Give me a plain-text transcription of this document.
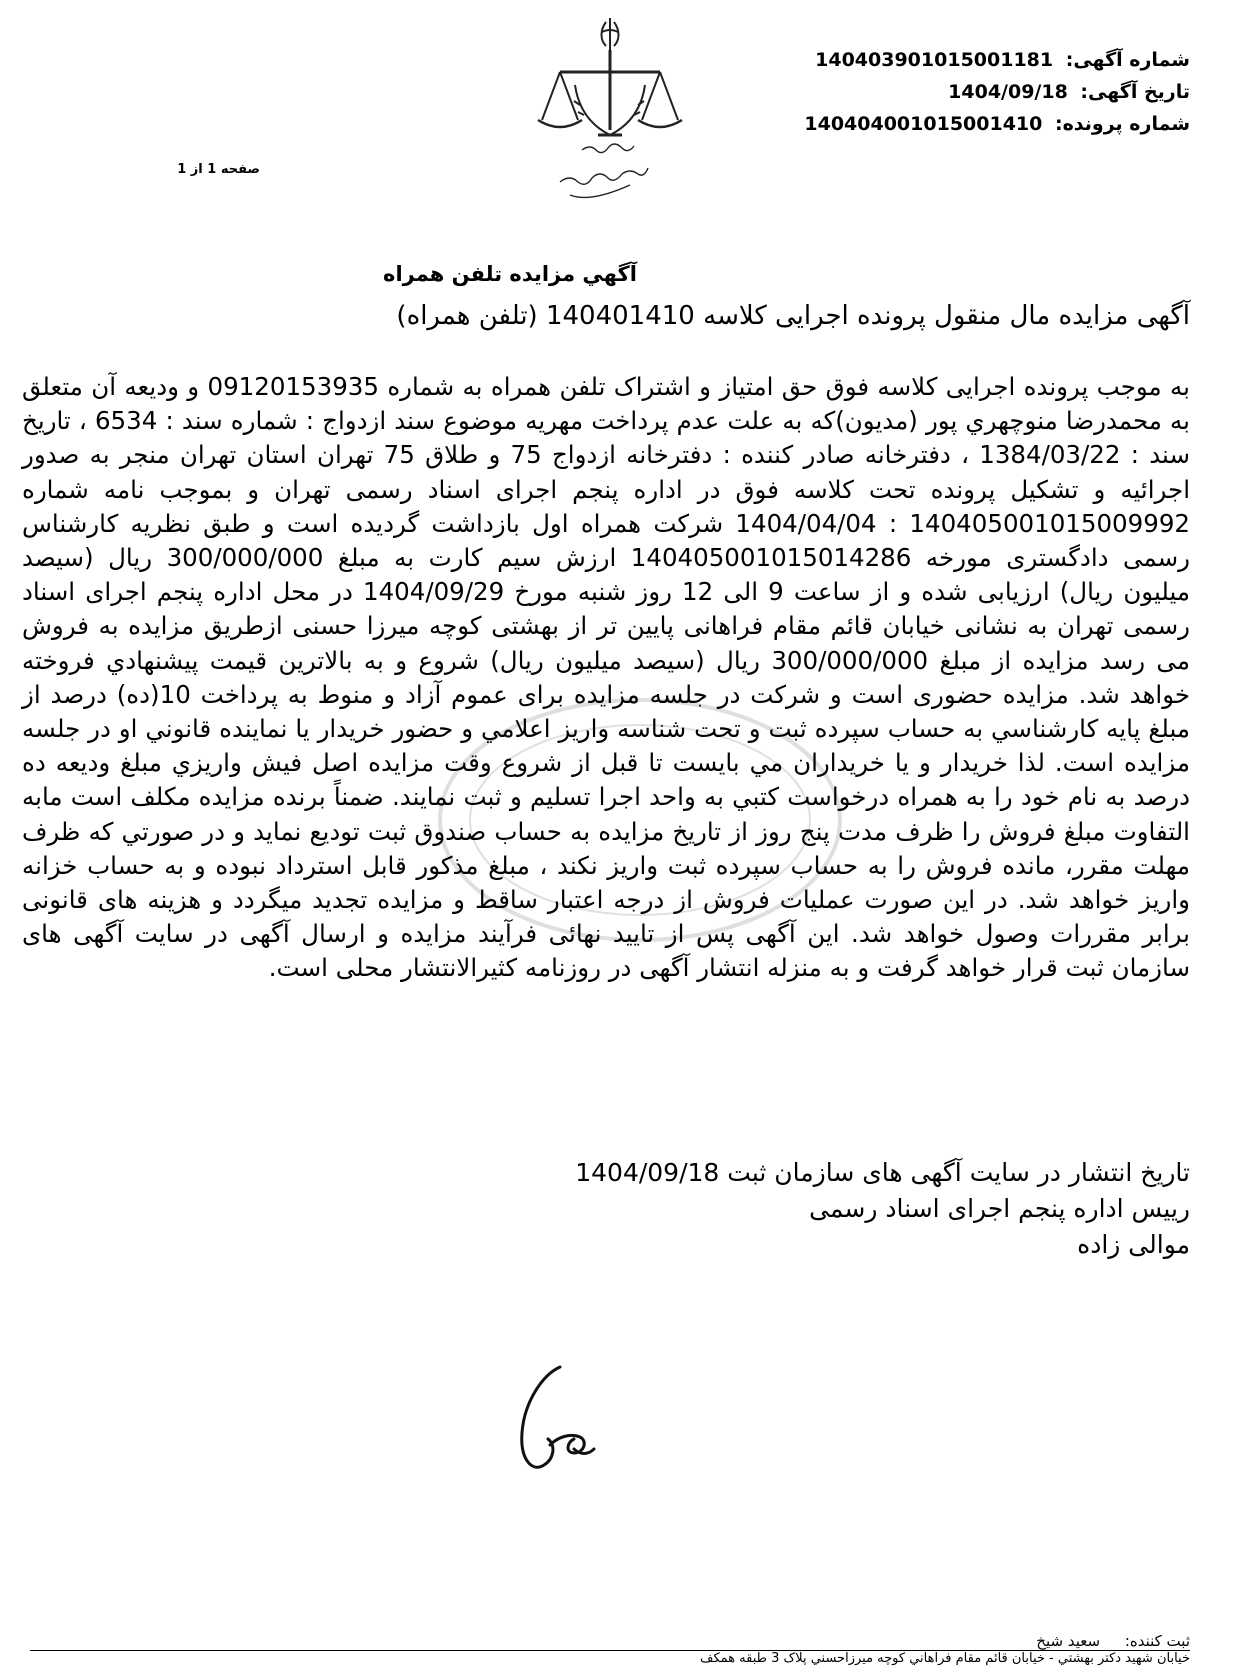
شماره آگهی: 140403901015001181
تاریخ آگهی: 1404/09/18
شماره پرونده: 140404001015001410
صفحه 1 از 1
آگهي مزايده تلفن همراه
آگهی مزایده مال منقول پرونده اجرایی کلاسه 140401410 (تلفن همراه)
به موجب پرونده اجرایی کلاسه فوق حق امتیاز و اشتراک تلفن همراه به شماره 09120153935 و ودیعه آن متعلق به محمدرضا منوچهري پور (مدیون)که به علت عدم پرداخت مهریه موضوع سند ازدواج : شماره سند : 6534 ، تاریخ سند : 1384/03/22 ، دفترخانه صادر کننده : دفترخانه ازدواج 75 و طلاق 75 تهران استان تهران منجر به صدور اجرائیه و تشکیل پرونده تحت کلاسه فوق در اداره پنجم اجرای اسناد رسمی تهران و بموجب نامه شماره 140405001015009992 : 1404/04/04 شرکت همراه اول بازداشت گردیده است و طبق نظریه کارشناس رسمی دادگستری مورخه 140405001015014286 ارزش سیم کارت به مبلغ 300/000/000 ریال (سیصد میلیون ریال) ارزیابی شده و از ساعت 9 الی 12 روز شنبه مورخ 1404/09/29 در محل اداره پنجم اجرای اسناد رسمی تهران به نشانی خیابان قائم مقام فراهانی پایین تر از بهشتی کوچه میرزا حسنی ازطریق مزایده به فروش می رسد مزایده از مبلغ 300/000/000 ریال (سیصد میلیون ریال) شروع و به بالاترین قیمت پیشنهادي فروخته خواهد شد. مزایده حضوری است و شرکت در جلسه مزایده برای عموم آزاد و منوط به پرداخت 10(ده) درصد از مبلغ پایه کارشناسي به حساب سپرده ثبت و تحت شناسه واریز اعلامي و حضور خریدار یا نماینده قانوني او در جلسه مزایده است. لذا خریدار و یا خریداران مي بایست تا قبل از شروع وقت مزایده اصل فیش واریزي مبلغ ودیعه ده درصد به نام خود را به همراه درخواست کتبي به واحد اجرا تسلیم و ثبت نمایند. ضمناً برنده مزایده مکلف است مابه التفاوت مبلغ فروش را ظرف مدت پنج روز از تاریخ مزایده به حساب صندوق ثبت تودیع نماید و در صورتي که ظرف مهلت مقرر، مانده فروش را به حساب سپرده ثبت واریز نکند ، مبلغ مذکور قابل استرداد نبوده و به حساب خزانه واریز خواهد شد. در این صورت عملیات فروش از درجه اعتبار ساقط و مزایده تجدید میگردد و هزینه های قانونی برابر مقررات وصول خواهد شد. این آگهی پس از تایید نهائی فرآیند مزایده و ارسال آگهی در سایت آگهی های سازمان ثبت قرار خواهد گرفت و به منزله انتشار آگهی در روزنامه کثیرالانتشار محلی است.
تاریخ انتشار در سایت آگهی های سازمان ثبت 1404/09/18
رییس اداره پنجم اجرای اسناد رسمی
موالی زاده
ثبت کننده: سعید شیخ
خیابان شهید دکتر بهشتي - خیابان قائم مقام فراهاني کوچه میرزاحسني پلاک 3 طبقه همکف
